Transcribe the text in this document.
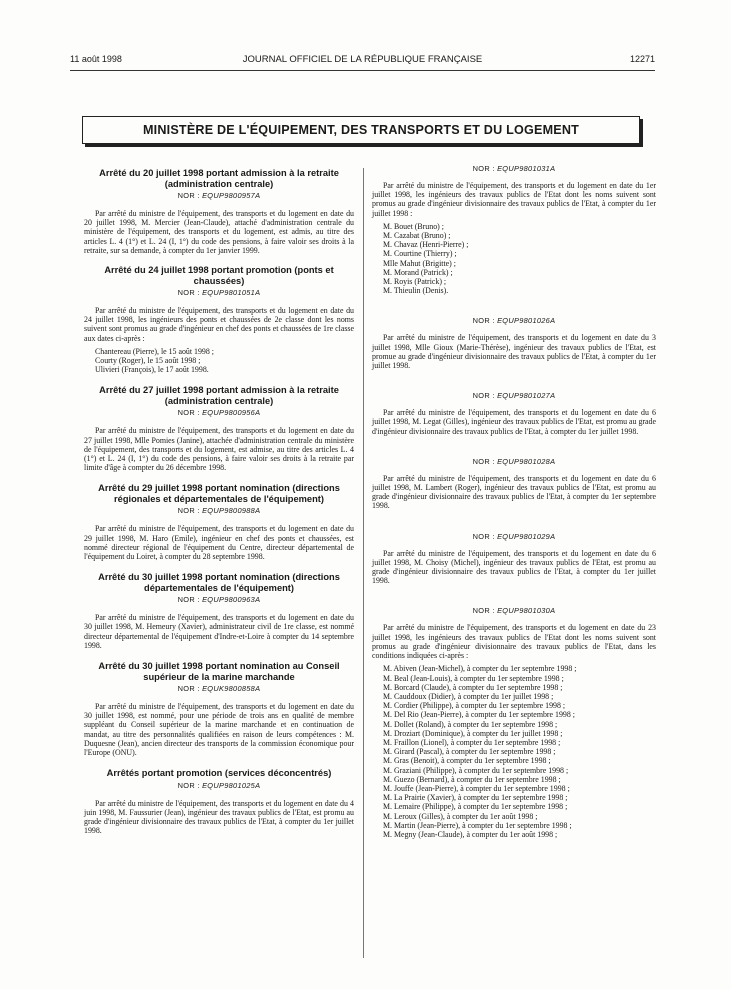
11 août 1998	JOURNAL OFFICIEL DE LA RÉPUBLIQUE FRANÇAISE	12271
MINISTÈRE DE L'ÉQUIPEMENT, DES TRANSPORTS ET DU LOGEMENT

Arrêté du 20 juillet 1998 portant admission à la retraite (administration centrale)

NOR : EQUP9800957A

Par arrêté du ministre de l'équipement, des transports et du logement en date du 20 juillet 1998, M. Mercier (Jean-Claude), attaché d'administration centrale du ministère de l'équipement, des transports et du logement, est admis, au titre des articles L. 4 (1°) et L. 24 (I, 1°) du code des pensions, à faire valoir ses droits à la retraite, sur sa demande, à compter du 1er janvier 1999.

Arrêté du 24 juillet 1998 portant promotion (ponts et chaussées)

NOR : EQUP9801051A

Par arrêté du ministre de l'équipement, des transports et du logement en date du 24 juillet 1998, les ingénieurs des ponts et chaussées de 2e classe dont les noms suivent sont promus au grade d'ingénieur en chef des ponts et chaussées de 1re classe aux dates ci-après :

Chantereau (Pierre), le 15 août 1998 ;
Courty (Roger), le 15 août 1998 ;
Ulivieri (François), le 17 août 1998.

Arrêté du 27 juillet 1998 portant admission à la retraite (administration centrale)

NOR : EQUP9800956A

Par arrêté du ministre de l'équipement, des transports et du logement en date du 27 juillet 1998, Mlle Pomies (Janine), attachée d'administration centrale du ministère de l'équipement, des transports et du logement, est admise, au titre des articles L. 4 (1°) et L. 24 (I, 1°) du code des pensions, à faire valoir ses droits à la retraite par limite d'âge à compter du 26 décembre 1998.

Arrêté du 29 juillet 1998 portant nomination (directions régionales et départementales de l'équipement)

NOR : EQUP9800988A

Par arrêté du ministre de l'équipement, des transports et du logement en date du 29 juillet 1998, M. Haro (Emile), ingénieur en chef des ponts et chaussées, est nommé directeur régional de l'équipement du Centre, directeur départemental de l'équipement du Loiret, à compter du 28 septembre 1998.

Arrêté du 30 juillet 1998 portant nomination (directions départementales de l'équipement)

NOR : EQUP9800963A

Par arrêté du ministre de l'équipement, des transports et du logement en date du 30 juillet 1998, M. Hemeury (Xavier), administrateur civil de 1re classe, est nommé directeur départemental de l'équipement d'Indre-et-Loire à compter du 14 septembre 1998.

Arrêté du 30 juillet 1998 portant nomination au Conseil supérieur de la marine marchande

NOR : EQUK9800858A

Par arrêté du ministre de l'équipement, des transports et du logement en date du 30 juillet 1998, est nommé, pour une période de trois ans en qualité de membre suppléant du Conseil supérieur de la marine marchande et en continuation de mandat, au titre des personnalités qualifiées en raison de leurs compétences : M. Duquesne (Jean), ancien directeur des transports de la commission économique pour l'Europe (ONU).

Arrêtés portant promotion (services déconcentrés)

NOR : EQUP9801025A

Par arrêté du ministre de l'équipement, des transports et du logement en date du 4 juin 1998, M. Faussurier (Jean), ingénieur des travaux publics de l'Etat, est promu au grade d'ingénieur divisionnaire des travaux publics de l'Etat, à compter du 1er juillet 1998.

NOR : EQUP9801031A

Par arrêté du ministre de l'équipement, des transports et du logement en date du 1er juillet 1998, les ingénieurs des travaux publics de l'Etat dont les noms suivent sont promus au grade d'ingénieur divisionnaire des travaux publics de l'Etat, à compter du 1er juillet 1998 :

M. Bouet (Bruno) ;
M. Cazabat (Bruno) ;
M. Chavaz (Henri-Pierre) ;
M. Courtine (Thierry) ;
Mlle Mahut (Brigitte) ;
M. Morand (Patrick) ;
M. Royis (Patrick) ;
M. Thieulin (Denis).

NOR : EQUP9801026A

Par arrêté du ministre de l'équipement, des transports et du logement en date du 3 juillet 1998, Mlle Gioux (Marie-Thérèse), ingénieur des travaux publics de l'Etat, est promue au grade d'ingénieur divisionnaire des travaux publics de l'Etat, à compter du 1er juillet 1998.

NOR : EQUP9801027A

Par arrêté du ministre de l'équipement, des transports et du logement en date du 6 juillet 1998, M. Legat (Gilles), ingénieur des travaux publics de l'Etat, est promu au grade d'ingénieur divisionnaire des travaux publics de l'Etat, à compter du 1er juillet 1998.

NOR : EQUP9801028A

Par arrêté du ministre de l'équipement, des transports et du logement en date du 6 juillet 1998, M. Lambert (Roger), ingénieur des travaux publics de l'Etat, est promu au grade d'ingénieur divisionnaire des travaux publics de l'Etat, à compter du 1er septembre 1998.

NOR : EQUP9801029A

Par arrêté du ministre de l'équipement, des transports et du logement en date du 6 juillet 1998, M. Choisy (Michel), ingénieur des travaux publics de l'Etat, est promu au grade d'ingénieur divisionnaire des travaux publics de l'Etat, à compter du 1er juillet 1998.

NOR : EQUP9801030A

Par arrêté du ministre de l'équipement, des transports et du logement en date du 23 juillet 1998, les ingénieurs des travaux publics de l'Etat dont les noms suivent sont promus au grade d'ingénieur divisionnaire des travaux publics de l'Etat, dans les conditions indiquées ci-après :

M. Abiven (Jean-Michel), à compter du 1er septembre 1998 ;
M. Beal (Jean-Louis), à compter du 1er septembre 1998 ;
M. Borcard (Claude), à compter du 1er septembre 1998 ;
M. Cauddoux (Didier), à compter du 1er juillet 1998 ;
M. Cordier (Philippe), à compter du 1er septembre 1998 ;
M. Del Rio (Jean-Pierre), à compter du 1er septembre 1998 ;
M. Dollet (Roland), à compter du 1er septembre 1998 ;
M. Droziart (Dominique), à compter du 1er juillet 1998 ;
M. Fraillon (Lionel), à compter du 1er septembre 1998 ;
M. Girard (Pascal), à compter du 1er septembre 1998 ;
M. Gras (Benoit), à compter du 1er septembre 1998 ;
M. Graziani (Philippe), à compter du 1er septembre 1998 ;
M. Guezo (Bernard), à compter du 1er septembre 1998 ;
M. Jouffe (Jean-Pierre), à compter du 1er septembre 1998 ;
M. La Prairie (Xavier), à compter du 1er septembre 1998 ;
M. Lemaire (Philippe), à compter du 1er septembre 1998 ;
M. Leroux (Gilles), à compter du 1er août 1998 ;
M. Martin (Jean-Pierre), à compter du 1er septembre 1998 ;
M. Megny (Jean-Claude), à compter du 1er août 1998 ;
